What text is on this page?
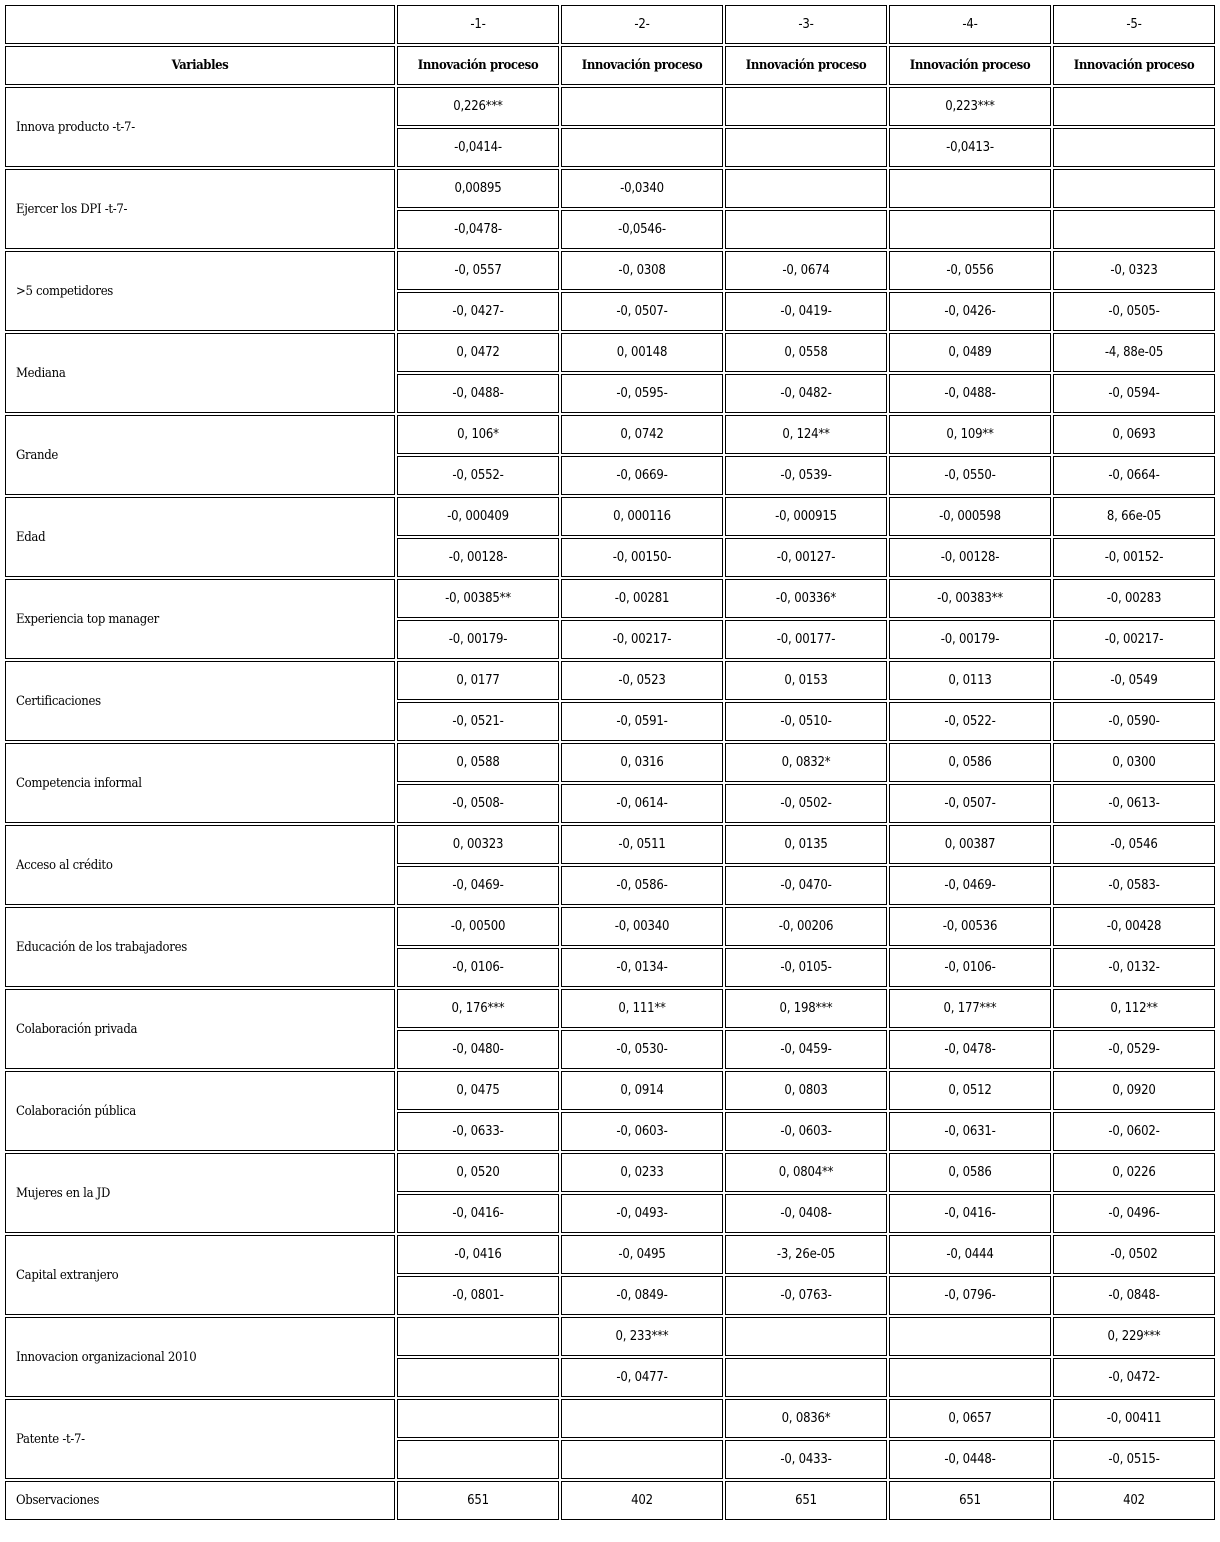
	-1-	-2-	-3-	-4-	-5-
Variables	Innovación proceso	Innovación proceso	Innovación proceso	Innovación proceso	Innovación proceso
Innova producto -t-7-	0,226***			0,223***	
	-0,0414-			-0,0413-	
Ejercer los DPI -t-7-	0,00895	-0,0340			
	-0,0478-	-0,0546-			
>5 competidores	-0, 0557	-0, 0308	-0, 0674	-0, 0556	-0, 0323
	-0, 0427-	-0, 0507-	-0, 0419-	-0, 0426-	-0, 0505-
Mediana	0, 0472	0, 00148	0, 0558	0, 0489	-4, 88e-05
	-0, 0488-	-0, 0595-	-0, 0482-	-0, 0488-	-0, 0594-
Grande	0, 106*	0, 0742	0, 124**	0, 109**	0, 0693
	-0, 0552-	-0, 0669-	-0, 0539-	-0, 0550-	-0, 0664-
Edad	-0, 000409	0, 000116	-0, 000915	-0, 000598	8, 66e-05
	-0, 00128-	-0, 00150-	-0, 00127-	-0, 00128-	-0, 00152-
Experiencia top manager	-0, 00385**	-0, 00281	-0, 00336*	-0, 00383**	-0, 00283
	-0, 00179-	-0, 00217-	-0, 00177-	-0, 00179-	-0, 00217-
Certificaciones	0, 0177	-0, 0523	0, 0153	0, 0113	-0, 0549
	-0, 0521-	-0, 0591-	-0, 0510-	-0, 0522-	-0, 0590-
Competencia informal	0, 0588	0, 0316	0, 0832*	0, 0586	0, 0300
	-0, 0508-	-0, 0614-	-0, 0502-	-0, 0507-	-0, 0613-
Acceso al crédito	0, 00323	-0, 0511	0, 0135	0, 00387	-0, 0546
	-0, 0469-	-0, 0586-	-0, 0470-	-0, 0469-	-0, 0583-
Educación de los trabajadores	-0, 00500	-0, 00340	-0, 00206	-0, 00536	-0, 00428
	-0, 0106-	-0, 0134-	-0, 0105-	-0, 0106-	-0, 0132-
Colaboración privada	0, 176***	0, 111**	0, 198***	0, 177***	0, 112**
	-0, 0480-	-0, 0530-	-0, 0459-	-0, 0478-	-0, 0529-
Colaboración pública	0, 0475	0, 0914	0, 0803	0, 0512	0, 0920
	-0, 0633-	-0, 0603-	-0, 0603-	-0, 0631-	-0, 0602-
Mujeres en la JD	0, 0520	0, 0233	0, 0804**	0, 0586	0, 0226
	-0, 0416-	-0, 0493-	-0, 0408-	-0, 0416-	-0, 0496-
Capital extranjero	-0, 0416	-0, 0495	-3, 26e-05	-0, 0444	-0, 0502
	-0, 0801-	-0, 0849-	-0, 0763-	-0, 0796-	-0, 0848-
Innovacion organizacional 2010		0, 233***			0, 229***
		-0, 0477-			-0, 0472-
Patente -t-7-			0, 0836*	0, 0657	-0, 00411
			-0, 0433-	-0, 0448-	-0, 0515-
Observaciones	651	402	651	651	402
